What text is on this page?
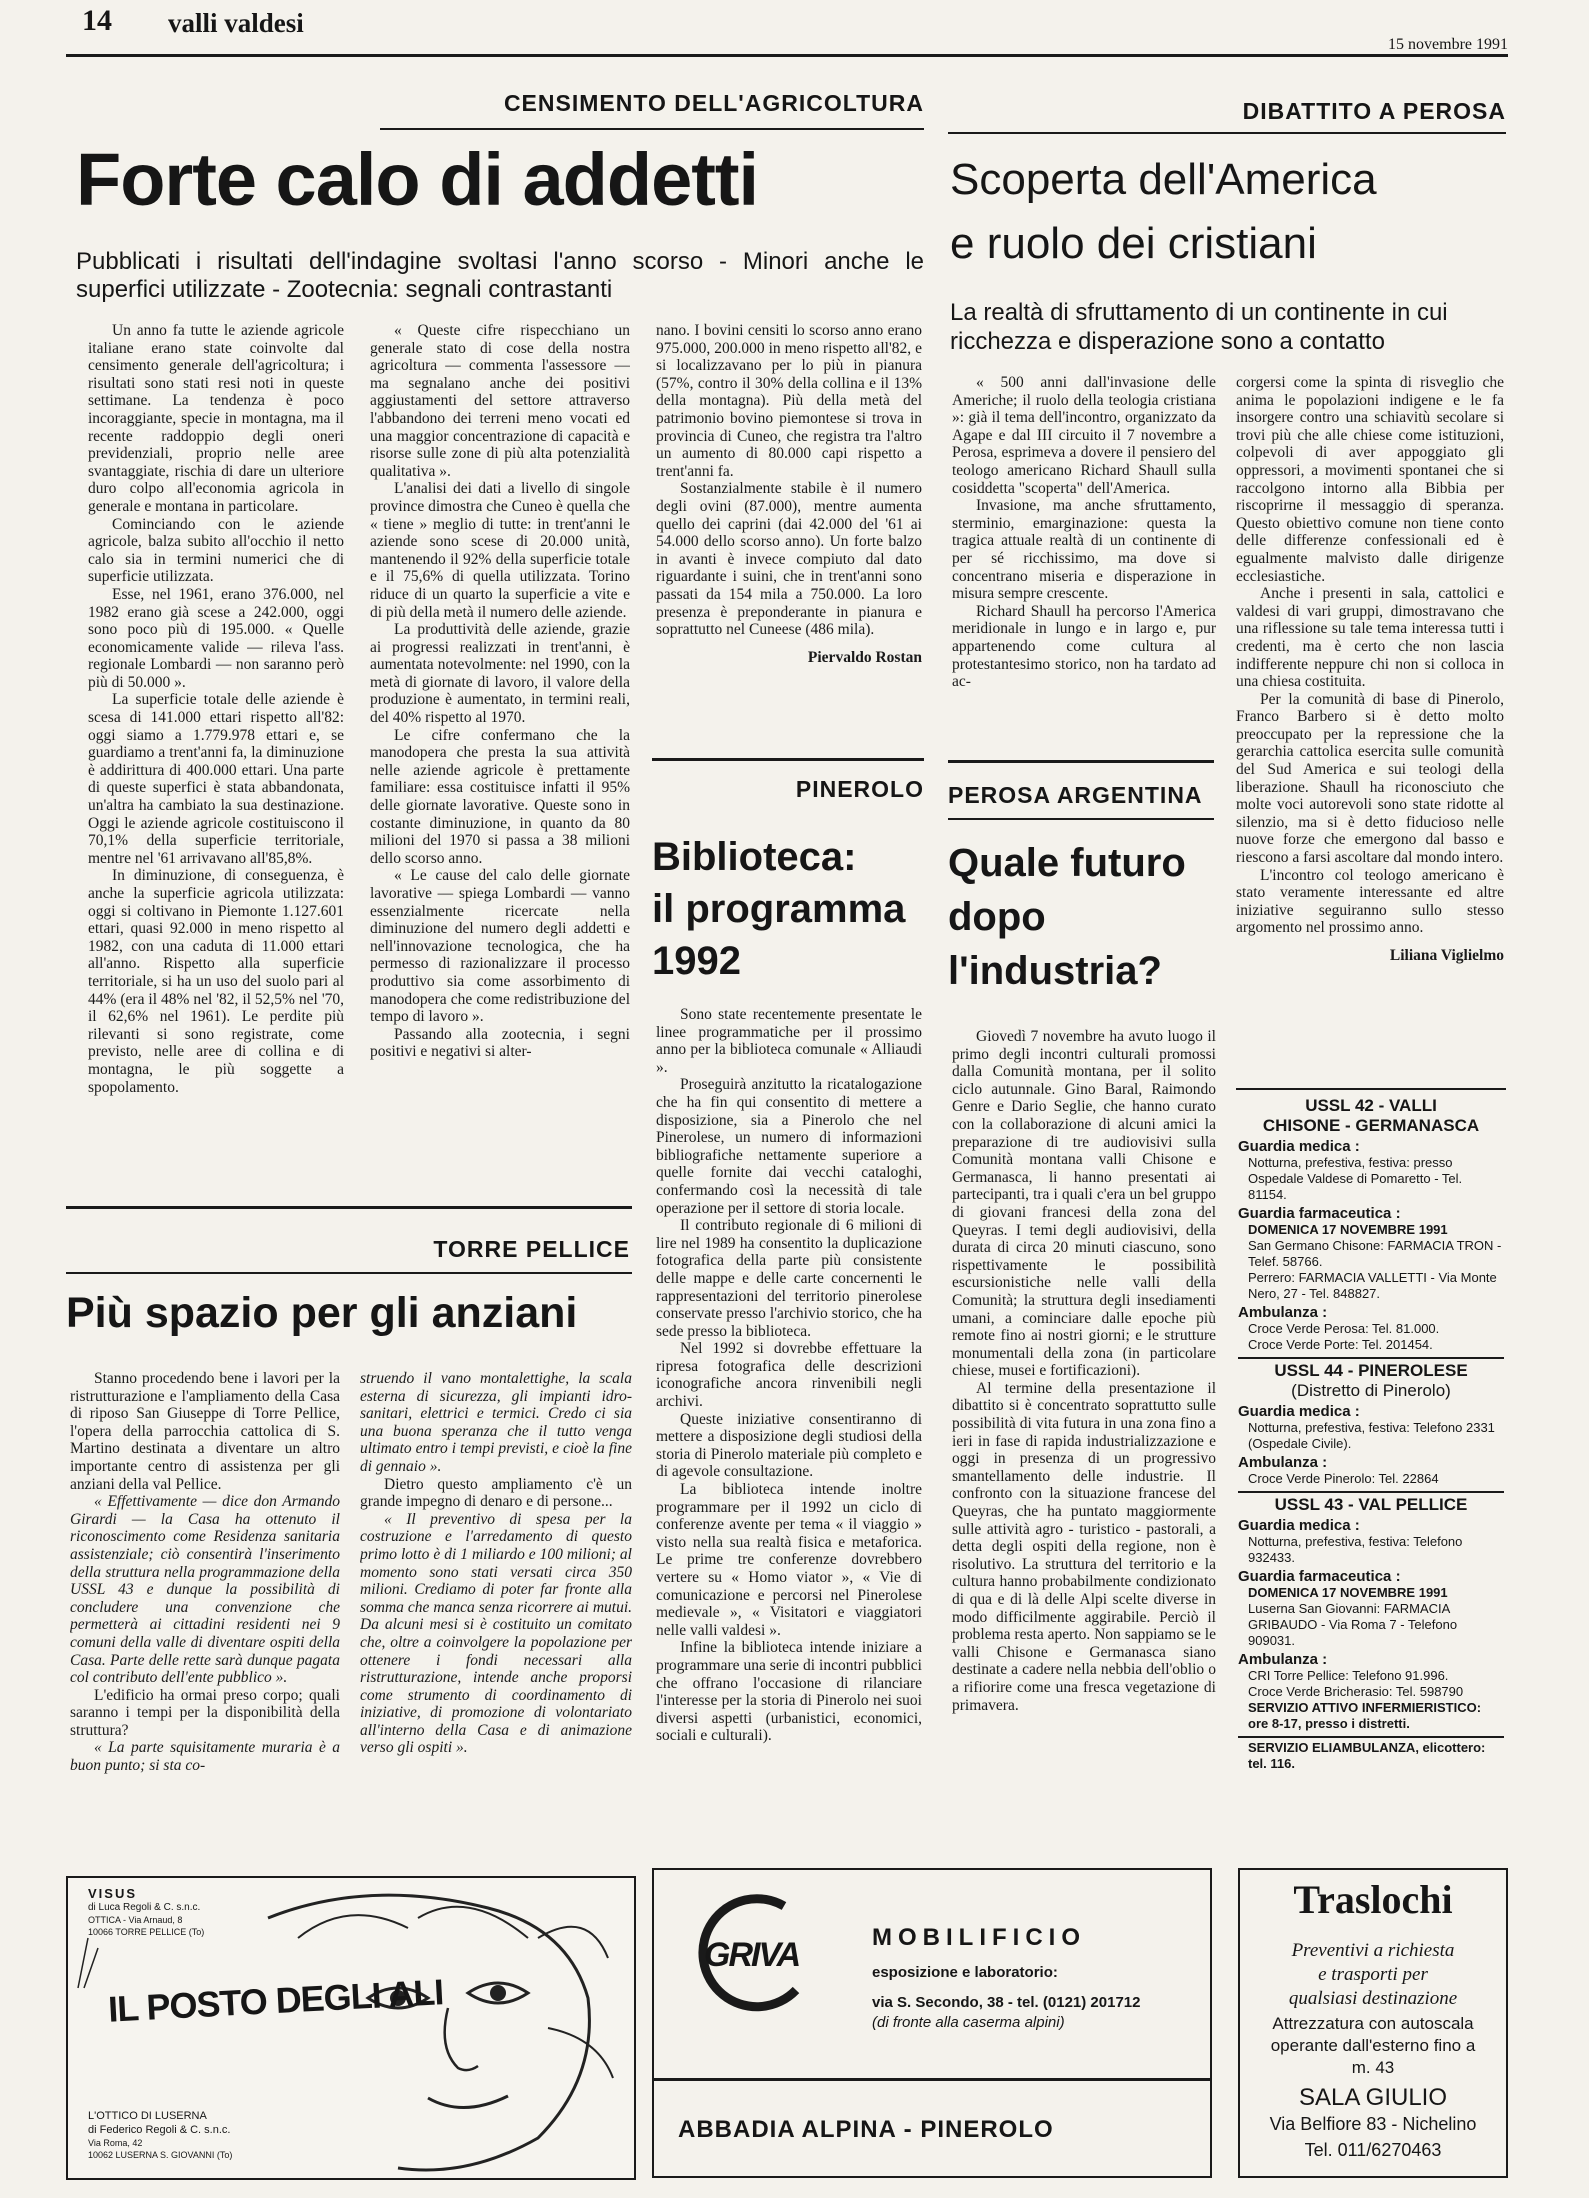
14 valli valdesi
15 novembre 1991
CENSIMENTO DELL'AGRICOLTURA
Forte calo di addetti
Pubblicati i risultati dell'indagine svoltasi l'anno scorso - Minori anche le superfici utilizzate - Zootecnia: segnali contrastanti

Un anno fa tutte le aziende agricole italiane erano state coinvolte dal censimento generale dell'agricoltura; i risultati sono stati resi noti in queste settimane. La tendenza è poco incoraggiante, specie in montagna, ma il recente raddoppio degli oneri previdenziali, proprio nelle aree svantaggiate, rischia di dare un ulteriore duro colpo all'economia agricola in generale e montana in particolare.

Cominciando con le aziende agricole, balza subito all'occhio il netto calo sia in termini numerici che di superficie utilizzata.

Esse, nel 1961, erano 376.000, nel 1982 erano già scese a 242.000, oggi sono poco più di 195.000. « Quelle economicamente valide — rileva l'ass. regionale Lombardi — non saranno però più di 50.000 ».

La superficie totale delle aziende è scesa di 141.000 ettari rispetto all'82: oggi siamo a 1.779.978 ettari e, se guardiamo a trent'anni fa, la diminuzione è addirittura di 400.000 ettari. Una parte di queste superfici è stata abbandonata, un'altra ha cambiato la sua destinazione. Oggi le aziende agricole costituiscono il 70,1% della superficie territoriale, mentre nel '61 arrivavano all'85,8%.

In diminuzione, di conseguenza, è anche la superficie agricola utilizzata: oggi si coltivano in Piemonte 1.127.601 ettari, quasi 92.000 in meno rispetto al 1982, con una caduta di 11.000 ettari all'anno. Rispetto alla superficie territoriale, si ha un uso del suolo pari al 44% (era il 48% nel '82, il 52,5% nel '70, il 62,6% nel 1961). Le perdite più rilevanti si sono registrate, come previsto, nelle aree di collina e di montagna, le più soggette a spopolamento.

« Queste cifre rispecchiano un generale stato di cose della nostra agricoltura — commenta l'assessore — ma segnalano anche dei positivi aggiustamenti del settore attraverso l'abbandono dei terreni meno vocati ed una maggior concentrazione di capacità e risorse sulle zone di più alta potenzialità qualitativa ».

L'analisi dei dati a livello di singole province dimostra che Cuneo è quella che « tiene » meglio di tutte: in trent'anni le aziende sono scese di 20.000 unità, mantenendo il 92% della superficie totale e il 75,6% di quella utilizzata. Torino riduce di un quarto la superficie a vite e di più della metà il numero delle aziende.

La produttività delle aziende, grazie ai progressi realizzati in trent'anni, è aumentata notevolmente: nel 1990, con la metà di giornate di lavoro, il valore della produzione è aumentato, in termini reali, del 40% rispetto al 1970.

Le cifre confermano che la manodopera che presta la sua attività nelle aziende agricole è prettamente familiare: essa costituisce infatti il 95% delle giornate lavorative. Queste sono in costante diminuzione, in quanto da 80 milioni del 1970 si passa a 38 milioni dello scorso anno.

« Le cause del calo delle giornate lavorative — spiega Lombardi — vanno essenzialmente ricercate nella diminuzione del numero degli addetti e nell'innovazione tecnologica, che ha permesso di razionalizzare il processo produttivo sia come assorbimento di manodopera che come redistribuzione del tempo di lavoro ».

Passando alla zootecnia, i segni positivi e negativi si alter-

nano. I bovini censiti lo scorso anno erano 975.000, 200.000 in meno rispetto all'82, e si localizzavano per lo più in pianura (57%, contro il 30% della collina e il 13% della montagna). Più della metà del patrimonio bovino piemontese si trova in provincia di Cuneo, che registra tra l'altro un aumento di 80.000 capi rispetto a trent'anni fa.

Sostanzialmente stabile è il numero degli ovini (87.000), mentre aumenta quello dei caprini (dai 42.000 del '61 ai 54.000 dello scorso anno). Un forte balzo in avanti è invece compiuto dal dato riguardante i suini, che in trent'anni sono passati da 154 mila a 750.000. La loro presenza è preponderante in pianura e soprattutto nel Cuneese (486 mila).

Piervaldo Rostan

PINEROLO
Biblioteca:
il programma
1992

Sono state recentemente presentate le linee programmatiche per il prossimo anno per la biblioteca comunale « Alliaudi ».

Proseguirà anzitutto la ricatalogazione che ha fin qui consentito di mettere a disposizione, sia a Pinerolo che nel Pinerolese, un numero di informazioni bibliografiche nettamente superiore a quelle fornite dai vecchi cataloghi, confermando così la necessità di tale operazione per il settore di storia locale.

Il contributo regionale di 6 milioni di lire nel 1989 ha consentito la duplicazione fotografica della parte più consistente delle mappe e delle carte concernenti le rappresentazioni del territorio pinerolese conservate presso l'archivio storico, che ha sede presso la biblioteca.

Nel 1992 si dovrebbe effettuare la ripresa fotografica delle descrizioni iconografiche ancora rinvenibili negli archivi.

Queste iniziative consentiranno di mettere a disposizione degli studiosi della storia di Pinerolo materiale più completo e di agevole consultazione.

La biblioteca intende inoltre programmare per il 1992 un ciclo di conferenze avente per tema « il viaggio » visto nella sua realtà fisica e metaforica. Le prime tre conferenze dovrebbero vertere su « Homo viator », « Vie di comunicazione e percorsi nel Pinerolese medievale », « Visitatori e viaggiatori nelle valli valdesi ».

Infine la biblioteca intende iniziare a programmare una serie di incontri pubblici che offrano l'occasione di rilanciare l'interesse per la storia di Pinerolo nei suoi diversi aspetti (urbanistici, economici, sociali e culturali).

DIBATTITO A PEROSA
Scoperta dell'America
e ruolo dei cristiani
La realtà di sfruttamento di un continente in cui ricchezza e disperazione sono a contatto

« 500 anni dall'invasione delle Americhe; il ruolo della teologia cristiana »: già il tema dell'incontro, organizzato da Agape e dal III circuito il 7 novembre a Perosa, esprimeva a dovere il pensiero del teologo americano Richard Shaull sulla cosiddetta "scoperta" dell'America.

Invasione, ma anche sfruttamento, sterminio, emarginazione: questa la tragica attuale realtà di un continente di per sé ricchissimo, ma dove si concentrano miseria e disperazione in misura sempre crescente.

Richard Shaull ha percorso l'America meridionale in lungo e in largo e, pur appartenendo come cultura al protestantesimo storico, non ha tardato ad ac-

corgersi come la spinta di risveglio che anima le popolazioni indigene e le fa insorgere contro una schiavitù secolare si trovi più che alle chiese come istituzioni, colpevoli di aver appoggiato gli oppressori, a movimenti spontanei che si raccolgono intorno alla Bibbia per riscoprirne il messaggio di speranza. Questo obiettivo comune non tiene conto delle differenze confessionali ed è egualmente malvisto dalle dirigenze ecclesiastiche.

Anche i presenti in sala, cattolici e valdesi di vari gruppi, dimostravano che una riflessione su tale tema interessa tutti i credenti, ma è certo che non lascia indifferente neppure chi non si colloca in una chiesa costituita.

Per la comunità di base di Pinerolo, Franco Barbero si è detto molto preoccupato per la repressione che la gerarchia cattolica esercita sulle comunità del Sud America e sui teologi della liberazione. Shaull ha riconosciuto che molte voci autorevoli sono state ridotte al silenzio, ma si è detto fiducioso nelle nuove forze che emergono dal basso e riescono a farsi ascoltare dal mondo intero.

L'incontro col teologo americano è stato veramente interessante ed altre iniziative seguiranno sullo stesso argomento nel prossimo anno.

Liliana Viglielmo

PEROSA ARGENTINA
Quale futuro
dopo
l'industria?

Giovedì 7 novembre ha avuto luogo il primo degli incontri culturali promossi dalla Comunità montana, per il solito ciclo autunnale. Gino Baral, Raimondo Genre e Dario Seglie, che hanno curato con la collaborazione di alcuni amici la preparazione di tre audiovisivi sulla Comunità montana valli Chisone e Germanasca, li hanno presentati ai partecipanti, tra i quali c'era un bel gruppo di giovani francesi della zona del Queyras. I temi degli audiovisivi, della durata di circa 20 minuti ciascuno, sono rispettivamente le possibilità escursionistiche nelle valli della Comunità; la struttura degli insediamenti umani, a cominciare dalle epoche più remote fino ai nostri giorni; e le strutture monumentali della zona (in particolare chiese, musei e fortificazioni).

Al termine della presentazione il dibattito si è concentrato soprattutto sulle possibilità di vita futura in una zona fino a ieri in fase di rapida industrializzazione e oggi in presenza di un progressivo smantellamento delle industrie. Il confronto con la situazione francese del Queyras, che ha puntato maggiormente sulle attività agro - turistico - pastorali, a detta degli ospiti della regione, non è risolutivo. La struttura del territorio e la cultura hanno probabilmente condizionato di qua e di là delle Alpi scelte diverse in modo difficilmente aggirabile. Perciò il problema resta aperto. Non sappiamo se le valli Chisone e Germanasca siano destinate a cadere nella nebbia dell'oblio o a rifiorire come una fresca vegetazione di primavera.

USSL 42 - VALLI
CHISONE - GERMANASCA
Guardia medica :
Notturna, prefestiva, festiva: presso Ospedale Valdese di Pomaretto - Tel. 81154.
Guardia farmaceutica :
DOMENICA 17 NOVEMBRE 1991
San Germano Chisone: FARMACIA TRON - Telef. 58766.
Perrero: FARMACIA VALLETTI - Via Monte Nero, 27 - Tel. 848827.
Ambulanza :
Croce Verde Perosa: Tel. 81.000.
Croce Verde Porte: Tel. 201454.
USSL 44 - PINEROLESE
(Distretto di Pinerolo)
Guardia medica :
Notturna, prefestiva, festiva: Telefono 2331 (Ospedale Civile).
Ambulanza :
Croce Verde Pinerolo: Tel. 22864
USSL 43 - VAL PELLICE
Guardia medica :
Notturna, prefestiva, festiva: Telefono 932433.
Guardia farmaceutica :
DOMENICA 17 NOVEMBRE 1991
Luserna San Giovanni: FARMACIA GRIBAUDO - Via Roma 7 - Telefono 909031.
Ambulanza :
CRI Torre Pellice: Telefono 91.996.
Croce Verde Bricherasio: Tel. 598790
SERVIZIO ATTIVO INFERMIERISTICO: ore 8-17, presso i distretti.
SERVIZIO ELIAMBULANZA, elicottero: tel. 116.
TORRE PELLICE
Più spazio per gli anziani

Stanno procedendo bene i lavori per la ristrutturazione e l'ampliamento della Casa di riposo San Giuseppe di Torre Pellice, l'opera della parrocchia cattolica di S. Martino destinata a diventare un altro importante centro di assistenza per gli anziani della val Pellice.

« Effettivamente — dice don Armando Girardi — la Casa ha ottenuto il riconoscimento come Residenza sanitaria assistenziale; ciò consentirà l'inserimento della struttura nella programmazione della USSL 43 e dunque la possibilità di concludere una convenzione che permetterà ai cittadini residenti nei 9 comuni della valle di diventare ospiti della Casa. Parte delle rette sarà dunque pagata col contributo dell'ente pubblico ».

L'edificio ha ormai preso corpo; quali saranno i tempi per la disponibilità della struttura?

« La parte squisitamente muraria è a buon punto; si sta co-

struendo il vano montalettighe, la scala esterna di sicurezza, gli impianti idro-sanitari, elettrici e termici. Credo ci sia una buona speranza che il tutto venga ultimato entro i tempi previsti, e cioè la fine di gennaio ».

Dietro questo ampliamento c'è un grande impegno di denaro e di persone...

« Il preventivo di spesa per la costruzione e l'arredamento di questo primo lotto è di 1 miliardo e 100 milioni; al momento sono stati versati circa 350 milioni. Crediamo di poter far fronte alla somma che manca senza ricorrere ai mutui. Da alcuni mesi si è costituito un comitato che, oltre a coinvolgere la popolazione per ottenere i fondi necessari alla ristrutturazione, intende anche proporsi come strumento di coordinamento di iniziative, di promozione di volontariato all'interno della Casa e di animazione verso gli ospiti ».

VISUS
di Luca Regoli & C. s.n.c.
OTTICA - Via Arnaud, 8
10066 TORRE PELLICE (To)
IL POSTO DEGLI ALI
L'OTTICO DI LUSERNA
di Federico Regoli & C. s.n.c.
Via Roma, 42
10062 LUSERNA S. GIOVANNI (To)
GRIVA	MOBILIFICIO
esposizione e laboratorio:
via S. Secondo, 38 - tel. (0121) 201712
(di fronte alla caserma alpini)
ABBADIA ALPINA - PINEROLO
Traslochi
Preventivi a richiesta
e trasporti per
qualsiasi destinazione
Attrezzatura con autoscala
operante dall'esterno fino a
m. 43
SALA GIULIO
Via Belfiore 83 - Nichelino
Tel. 011/6270463
